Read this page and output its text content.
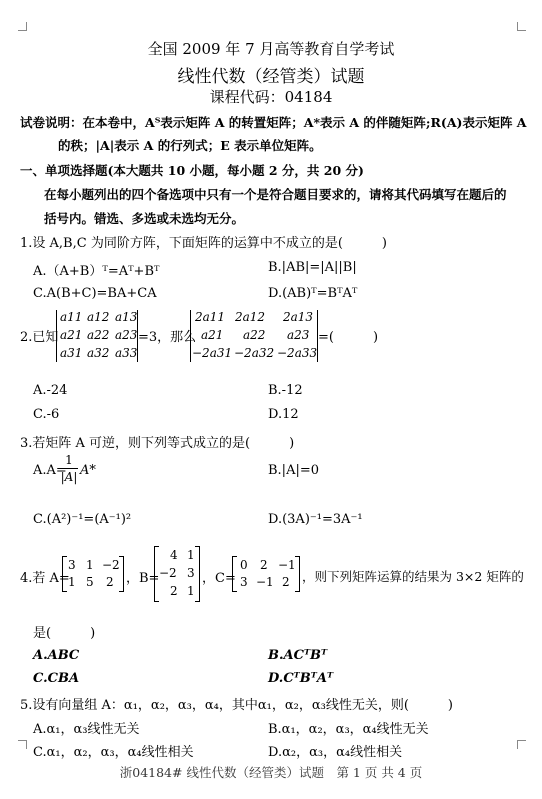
全国 2009 年 7 月高等教育自学考试
线性代数（经管类）试题
课程代码：04184
试卷说明：在本卷中，Aᵀ表示矩阵 A 的转置矩阵；A*表示 A 的伴随矩阵;R(A)表示矩阵 A
的秩；|A|表示 A 的行列式；E 表示单位矩阵。
一、单项选择题(本大题共 10 小题，每小题 2 分，共 20 分)
在每小题列出的四个备选项中只有一个是符合题目要求的，请将其代码填写在题后的
括号内。错选、多选或未选均无分。
1.设 A,B,C 为同阶方阵，下面矩阵的运算中不成立的是(　　　)
A.（A+B）ᵀ=Aᵀ+Bᵀ	B.|AB|=|A||B|
C.A(B+C)=BA+CA	D.(AB)ᵀ=BᵀAᵀ
2.已知
a11 a12 a13
a21 a22 a23
a31 a32 a33
=3，那么
2a11 2a12 2a13
a21 a22 a23
−2a31 −2a32 −2a33
=(　　　)
A.-24	B.-12
C.-6	D.12
3.若矩阵 A 可逆，则下列等式成立的是(　　　)
A.A=
1
|A| A*	B.|A|=0
C.(A²)⁻¹=(A⁻¹)²	D.(3A)⁻¹=3A⁻¹
4.若 A=
3 1 −2
1 5 2 ，B=
4 1
−2 3
2 1
，C=
0 2 −1
3 −1 2 ，则下列矩阵运算的结果为 3×2 矩阵的
是(　　　)
A.ABC	B.ACᵀBᵀ
C.CBA	D.CᵀBᵀAᵀ
5.设有向量组 A：α₁，α₂，α₃，α₄，其中α₁，α₂，α₃线性无关，则(　　　)
A.α₁，α₃线性无关	B.α₁，α₂，α₃，α₄线性无关
C.α₁，α₂，α₃，α₄线性相关	D.α₂，α₃，α₄线性相关
浙04184# 线性代数（经管类）试题　第 1 页 共 4 页
